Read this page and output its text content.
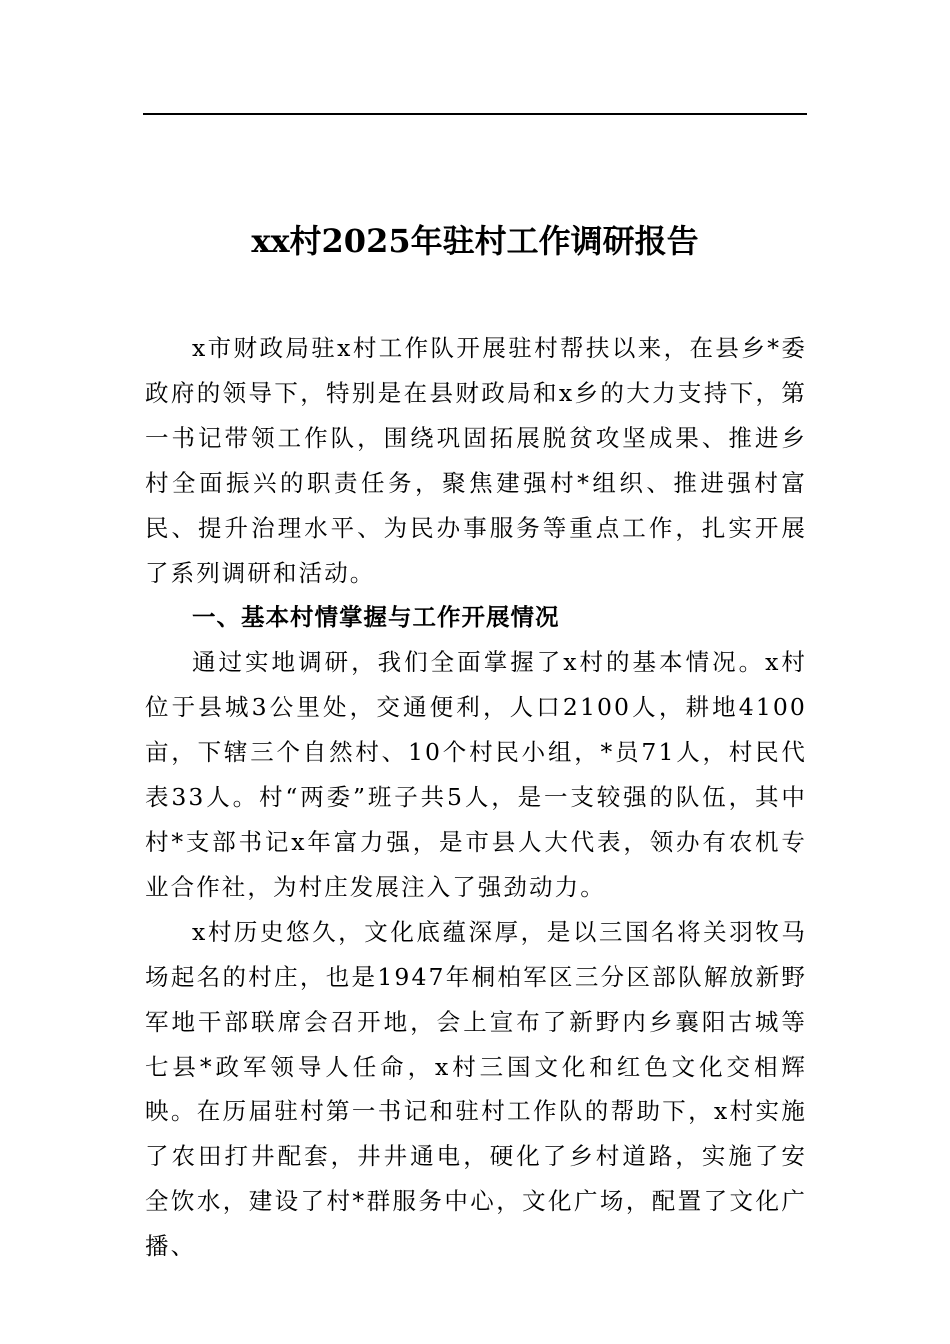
xx村2025年驻村工作调研报告

x市财政局驻x村工作队开展驻村帮扶以来，在县乡*委政府的领导下，特别是在县财政局和x乡的大力支持下，第一书记带领工作队，围绕巩固拓展脱贫攻坚成果、推进乡村全面振兴的职责任务，聚焦建强村*组织、推进强村富民、提升治理水平、为民办事服务等重点工作，扎实开展了系列调研和活动。

一、基本村情掌握与工作开展情况

通过实地调研，我们全面掌握了x村的基本情况。x村位于县城3公里处，交通便利，人口2100人，耕地4100亩，下辖三个自然村、10个村民小组，*员71人，村民代表33人。村“两委”班子共5人，是一支较强的队伍，其中村*支部书记x年富力强，是市县人大代表，领办有农机专业合作社，为村庄发展注入了强劲动力。

x村历史悠久，文化底蕴深厚，是以三国名将关羽牧马场起名的村庄，也是1947年桐柏军区三分区部队解放新野军地干部联席会召开地，会上宣布了新野内乡襄阳古城等七县*政军领导人任命，x村三国文化和红色文化交相辉映。在历届驻村第一书记和驻村工作队的帮助下，x村实施了农田打井配套，井井通电，硬化了乡村道路，实施了安全饮水，建设了村*群服务中心，文化广场，配置了文化广播、
